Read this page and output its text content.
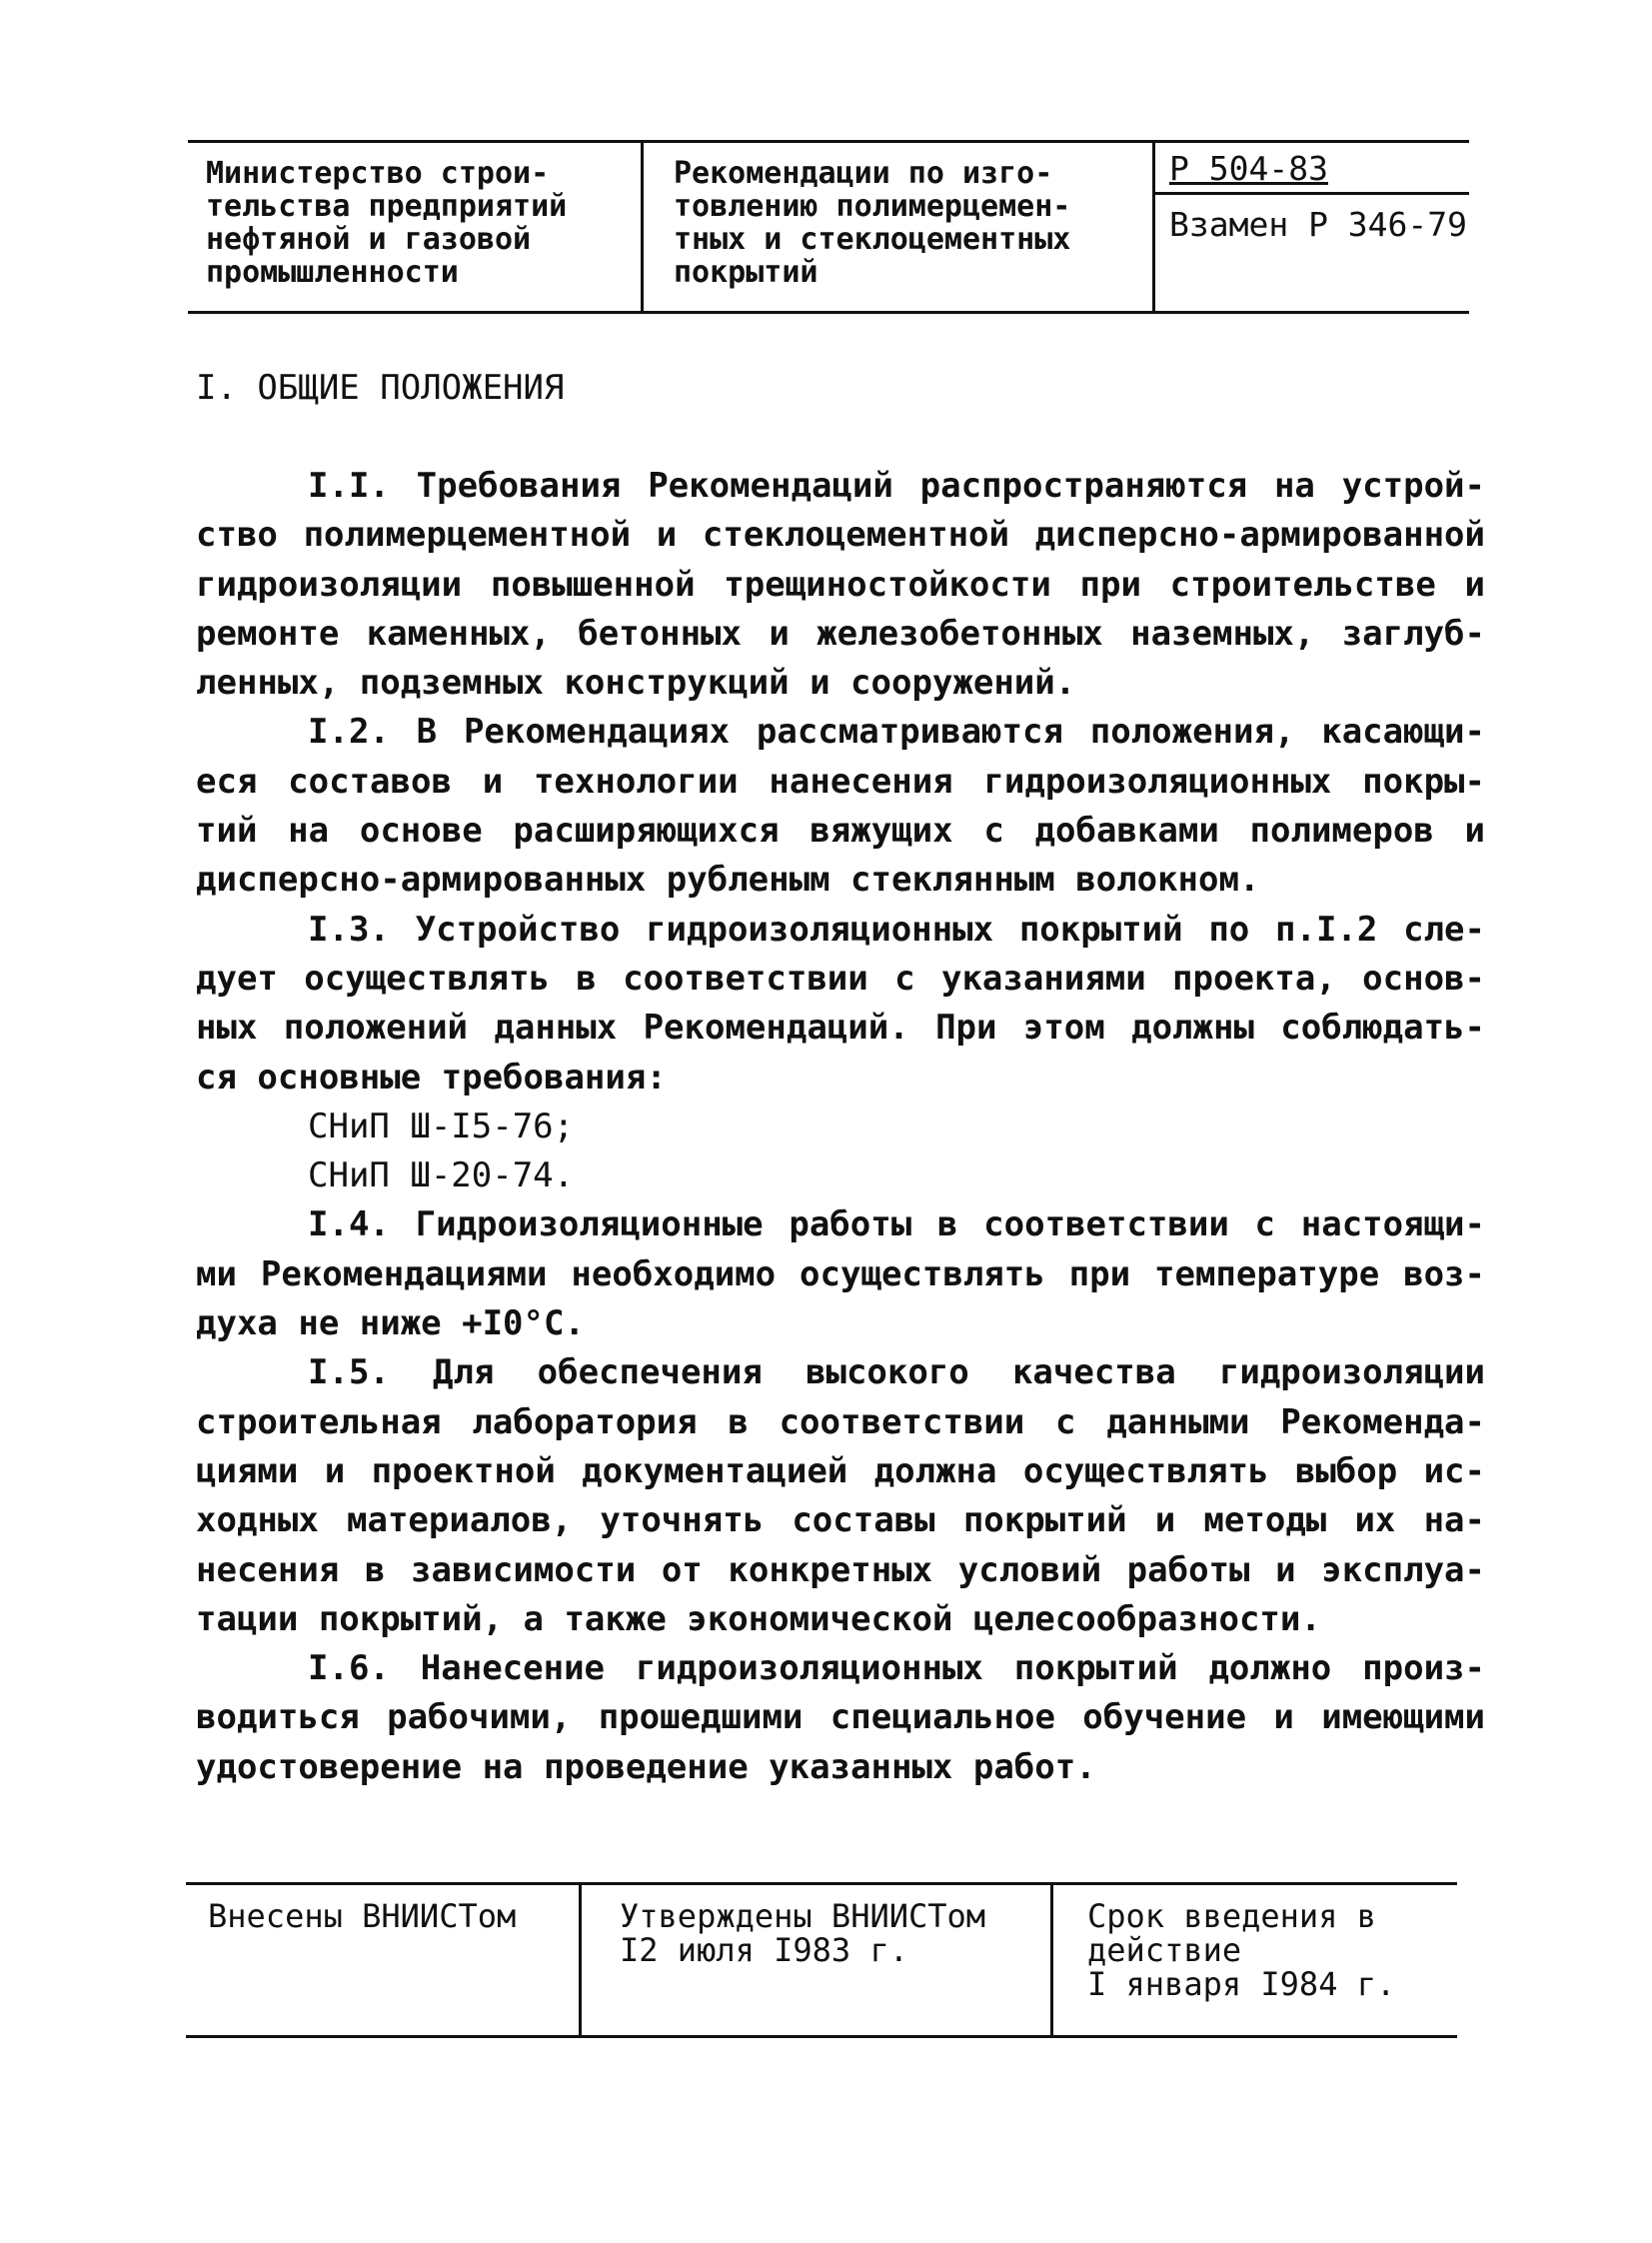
Министерство строи-
тельства предприятий
нефтяной и газовой
промышленности
Рекомендации по изго-
товлению полимерцемен-
тных и стеклоцементных
покрытий
Р 504-83
Взамен Р 346-79
I. ОБЩИЕ ПОЛОЖЕНИЯ
I.I. Требования Рекомендаций распространяются на устрой-
ство полимерцементной и стеклоцементной дисперсно-армированной
гидроизоляции повышенной трещиностойкости при строительстве и
ремонте каменных, бетонных и железобетонных наземных, заглуб-
ленных, подземных конструкций и сооружений.
I.2. В Рекомендациях рассматриваются положения, касающи-
еся составов и технологии нанесения гидроизоляционных покры-
тий на основе расширяющихся вяжущих с добавками полимеров и
дисперсно-армированных рубленым стеклянным волокном.
I.3. Устройство гидроизоляционных покрытий по п.I.2 сле-
дует осуществлять в соответствии с указаниями проекта, основ-
ных положений данных Рекомендаций. При этом должны соблюдать-
ся основные требования:
СНиП Ш-I5-76;
СНиП Ш-20-74.
I.4. Гидроизоляционные работы в соответствии с настоящи-
ми Рекомендациями необходимо осуществлять при температуре воз-
духа не ниже +I0°С.
I.5. Для обеспечения высокого качества гидроизоляции
строительная лаборатория в соответствии с данными Рекоменда-
циями и проектной документацией должна осуществлять выбор ис-
ходных материалов, уточнять составы покрытий и методы их на-
несения в зависимости от конкретных условий работы и эксплуа-
тации покрытий, а также экономической целесообразности.
I.6. Нанесение гидроизоляционных покрытий должно произ-
водиться рабочими, прошедшими специальное обучение и имеющими
удостоверение на проведение указанных работ.
Внесены ВНИИСТом	Утверждены ВНИИСТом
I2 июля I983 г.
Срок введения в
действие
I января I984 г.
